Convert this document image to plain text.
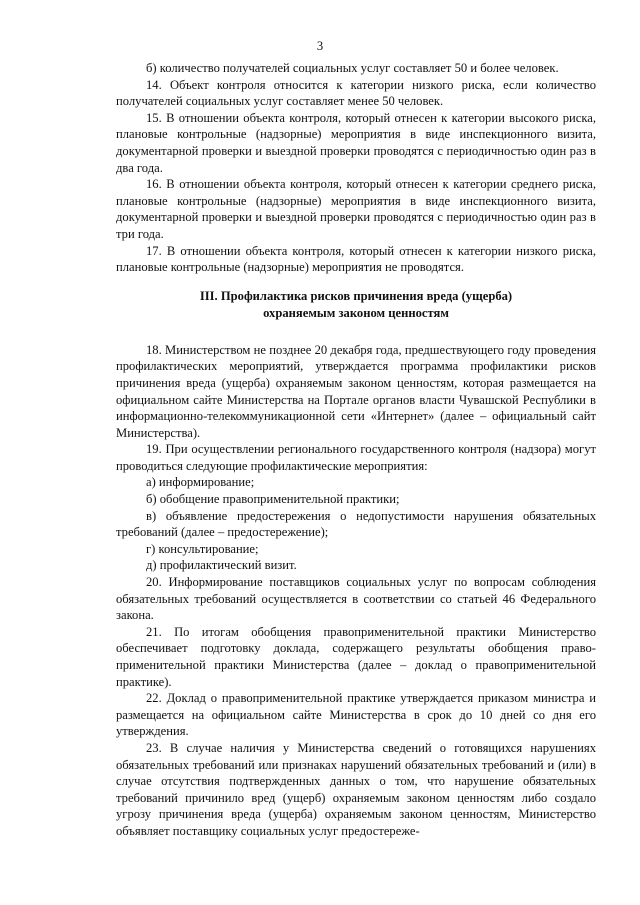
3

б) количество получателей социальных услуг составляет 50 и более человек.

14. Объект контроля относится к категории низкого риска, если количество получателей социальных услуг составляет менее 50 человек.

15. В отношении объекта контроля, который отнесен к категории высокого риска, плановые контрольные (надзорные) мероприятия в виде инспекционного визита, документарной проверки и выездной проверки проводятся с периодичностью один раз в два года.

16. В отношении объекта контроля, который отнесен к категории среднего риска, плановые контрольные (надзорные) мероприятия в виде инспекционного визита, документарной проверки и выездной проверки проводятся с периодичностью один раз в три года.

17. В отношении объекта контроля, который отнесен к категории низкого риска, плановые контрольные (надзорные) мероприятия не проводятся.

III. Профилактика рисков причинения вреда (ущерба)
охраняемым законом ценностям

18. Министерством не позднее 20 декабря года, предшествующего году проведения профилактических мероприятий, утверждается программа профилактики рисков причинения вреда (ущерба) охраняемым законом ценностям, которая размещается на официальном сайте Министерства на Портале органов власти Чувашской Республики в информационно-телекоммуникационной сети «Интернет» (далее – официальный сайт Министерства).

19. При осуществлении регионального государственного контроля (надзора) могут проводиться следующие профилактические мероприятия:

а) информирование;

б) обобщение правоприменительной практики;

в) объявление предостережения о недопустимости нарушения обязательных требований (далее – предостережение);

г) консультирование;

д) профилактический визит.

20. Информирование поставщиков социальных услуг по вопросам соблюдения обязательных требований осуществляется в соответствии со статьей 46 Федерального закона.

21. По итогам обобщения правоприменительной практики Министерство обеспечивает подготовку доклада, содержащего результаты обобщения правоприменительной практики Министерства (далее – доклад о правоприменительной практике).

22. Доклад о правоприменительной практике утверждается приказом министра и размещается на официальном сайте Министерства в срок до 10 дней со дня его утверждения.

23. В случае наличия у Министерства сведений о готовящихся нарушениях обязательных требований или признаках нарушений обязательных требований и (или) в случае отсутствия подтвержденных данных о том, что нарушение обязательных требований причинило вред (ущерб) охраняемым законом ценностям либо создало угрозу причинения вреда (ущерба) охраняемым законом ценностям, Министерство объявляет поставщику социальных услуг предостереже-
